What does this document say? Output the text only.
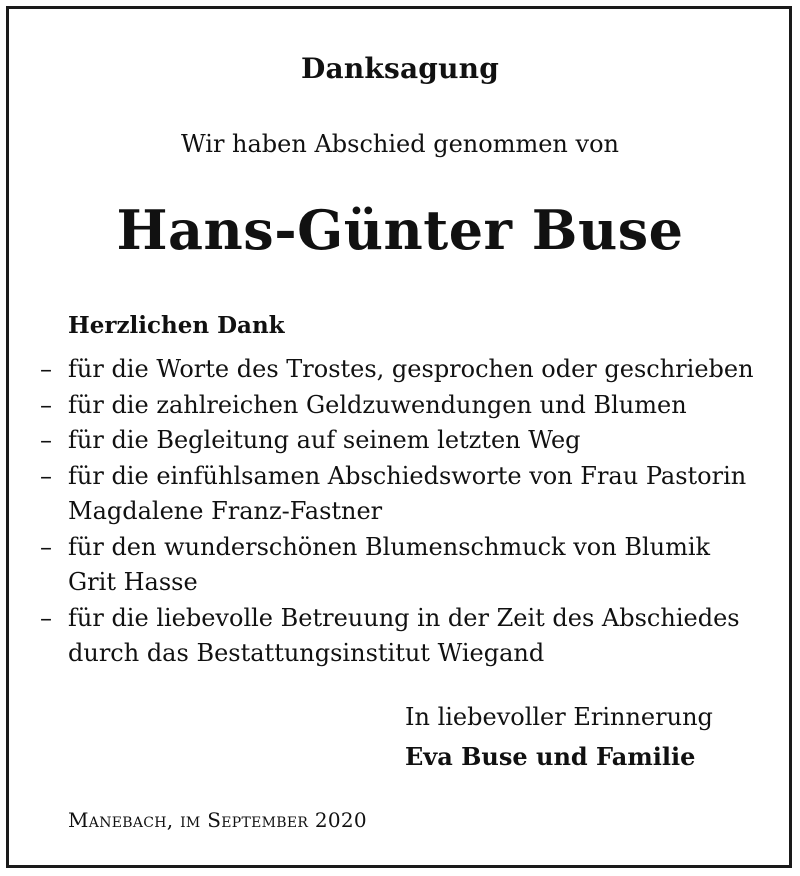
Danksagung
Wir haben Abschied genommen von
Hans-Günter Buse
Herzlichen Dank
– für die Worte des Trostes, gesprochen oder geschrieben
– für die zahlreichen Geldzuwendungen und Blumen
– für die Begleitung auf seinem letzten Weg
– für die einfühlsamen Abschiedsworte von Frau Pastorin Magdalene Franz-Fastner
– für den wunderschönen Blumenschmuck von Blumik Grit Hasse
– für die liebevolle Betreuung in der Zeit des Abschiedes durch das Bestattungsinstitut Wiegand
In liebevoller Erinnerung
Eva Buse und Familie
Manebach, im September 2020
